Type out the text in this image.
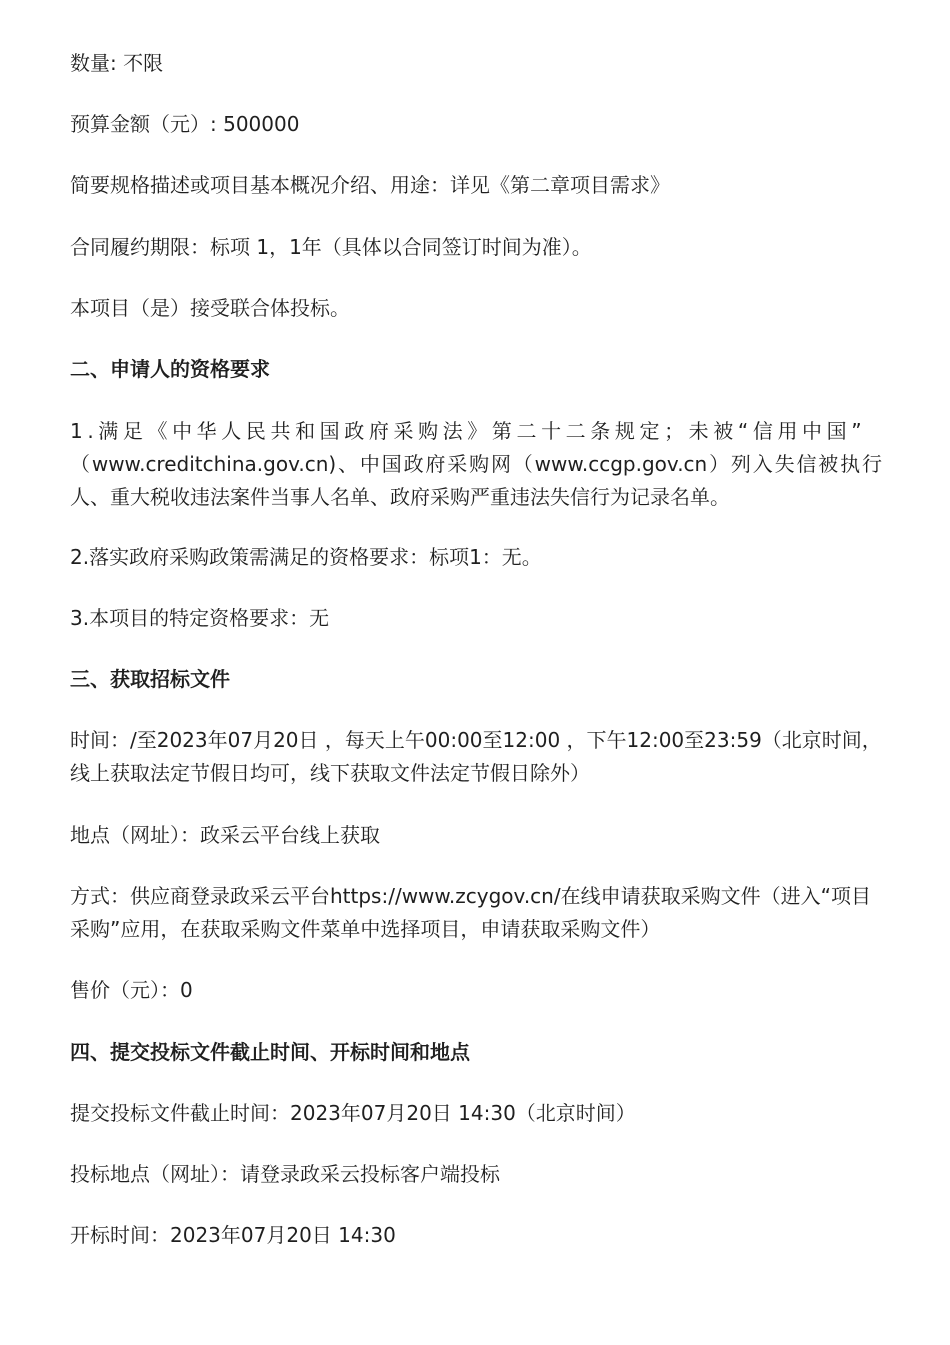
数量: 不限

预算金额（元）: 500000

简要规格描述或项目基本概况介绍、用途：详见《第二章项目需求》

合同履约期限：标项 1，1年（具体以合同签订时间为准）。

本项目（是）接受联合体投标。

二、申请人的资格要求

1.满足《中华人民共和国政府采购法》第二十二条规定；未被“信用中国”
（www.creditchina.gov.cn)、中国政府采购网（www.ccgp.gov.cn）列入失信被执行人、重大税收违法案件当事人名单、政府采购严重违法失信行为记录名单。

2.落实政府采购政策需满足的资格要求：标项1：无。

3.本项目的特定资格要求：无

三、获取招标文件

时间：/至2023年07月20日 ，每天上午00:00至12:00 ，下午12:00至23:59（北京时间，线上获取法定节假日均可，线下获取文件法定节假日除外）

地点（网址）：政采云平台线上获取

方式：供应商登录政采云平台https://www.zcygov.cn/在线申请获取采购文件（进入“项目采购”应用，在获取采购文件菜单中选择项目，申请获取采购文件）

售价（元）：0

四、提交投标文件截止时间、开标时间和地点

提交投标文件截止时间：2023年07月20日 14:30（北京时间）

投标地点（网址）：请登录政采云投标客户端投标

开标时间：2023年07月20日 14:30
